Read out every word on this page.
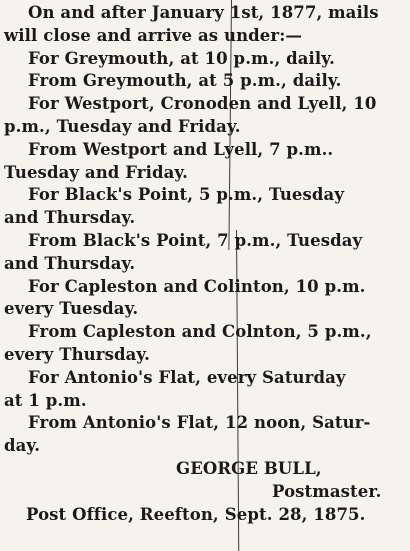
On and after January 1st, 1877, mails
will close and arrive as under:—
For Greymouth, at 10 p.m., daily.
From Greymouth, at 5 p.m., daily.
For Westport, Cronoden and Lyell, 10
p.m., Tuesday and Friday.
From Westport and Lyell, 7 p.m..
Tuesday and Friday.
For Black's Point, 5 p.m., Tuesday
and Thursday.
From Black's Point, 7 p.m., Tuesday
and Thursday.
For Capleston and Colinton, 10 p.m.
every Tuesday.
From Capleston and Colnton, 5 p.m.,
every Thursday.
For Antonio's Flat, every Saturday
at 1 p.m.
From Antonio's Flat, 12 noon, Satur-
day.
GEORGE BULL,
Postmaster.
Post Office, Reefton, Sept. 28, 1875.
